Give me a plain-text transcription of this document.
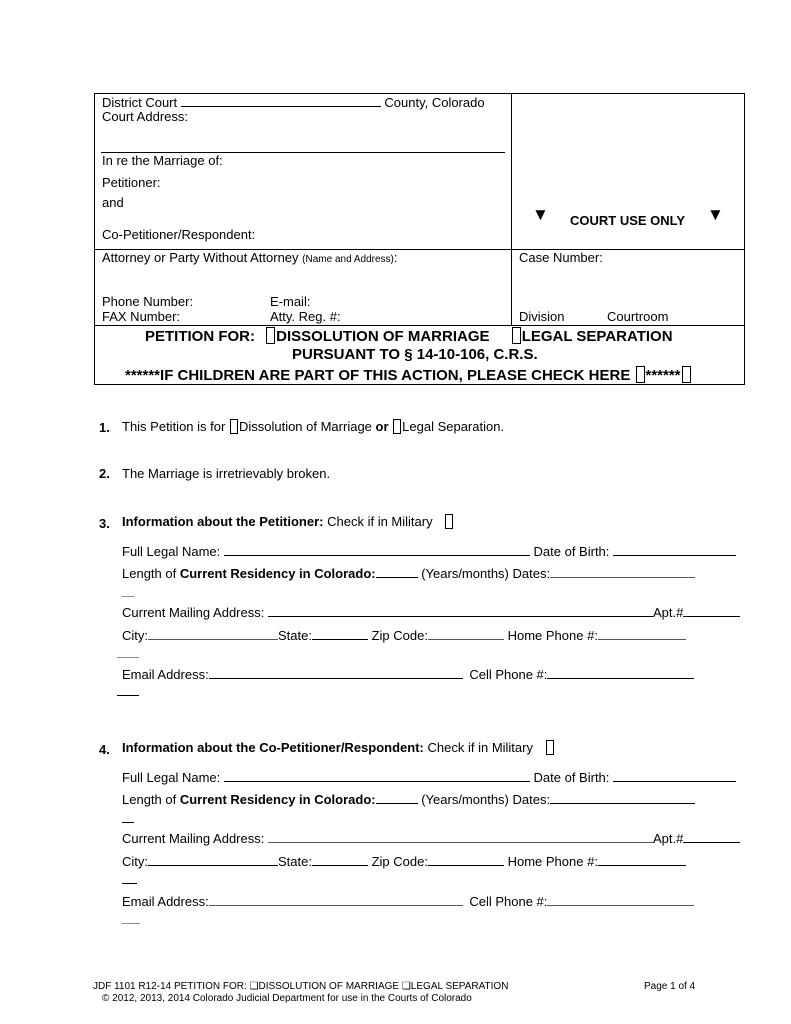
District Court	County, Colorado
Court Address:
In re the Marriage of:
Petitioner:
and
Co-Petitioner/Respondent:
▼ COURT USE ONLY ▼
Attorney or Party Without Attorney (Name and Address):	Case Number:
Phone Number:	E-mail:
FAX Number:	Atty. Reg. #:	Division	Courtroom
PETITION FOR: DISSOLUTION OF MARRIAGE LEGAL SEPARATION
PURSUANT TO § 14-10-106, C.R.S.
******IF CHILDREN ARE PART OF THIS ACTION, PLEASE CHECK HERE ******
1. This Petition is for Dissolution of Marriage or Legal Separation.
2. The Marriage is irretrievably broken.
3. Information about the Petitioner: Check if in Military
Full Legal Name:	Date of Birth:
Length of Current Residency in Colorado:	(Years/months) Dates:
Current Mailing Address:	Apt.#
City:	State:	Zip Code:	Home Phone #:
Email Address:	Cell Phone #:
4. Information about the Co-Petitioner/Respondent: Check if in Military
Full Legal Name:	Date of Birth:
Length of Current Residency in Colorado:	(Years/months) Dates:
Current Mailing Address:	Apt.#
City:	State:	Zip Code:	Home Phone #:
Email Address:	Cell Phone #:
JDF 1101 R12-14 PETITION FOR: ❑DISSOLUTION OF MARRIAGE ❑LEGAL SEPARATION	Page 1 of 4
© 2012, 2013, 2014 Colorado Judicial Department for use in the Courts of Colorado
